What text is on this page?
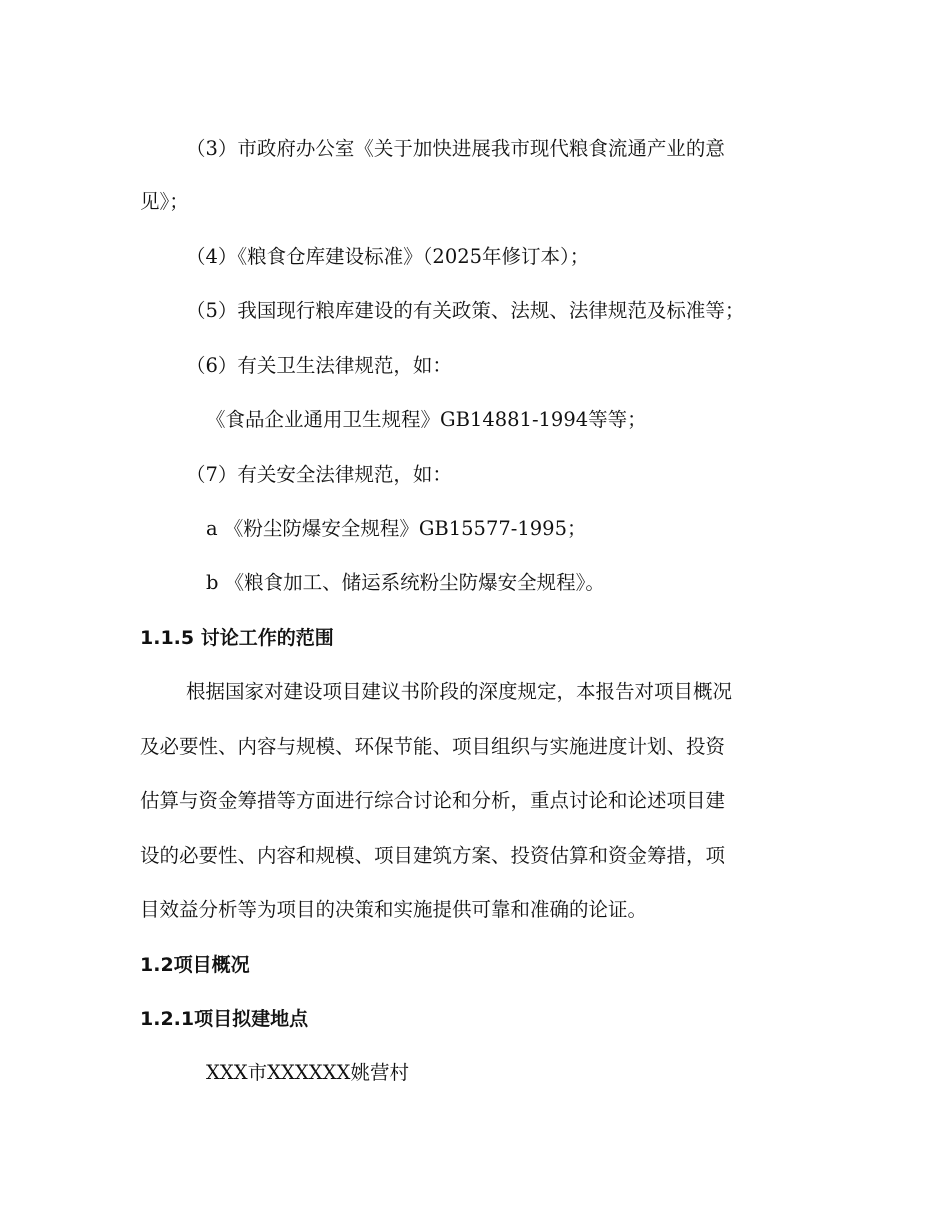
（3）市政府办公室《关于加快进展我市现代粮食流通产业的意
见》；
（4）《粮食仓库建设标准》（2025年修订本）；
（5）我国现行粮库建设的有关政策、法规、法律规范及标准等；
（6）有关卫生法律规范，如：
《食品企业通用卫生规程》GB14881-1994等等；
（7）有关安全法律规范，如：
a 《粉尘防爆安全规程》GB15577-1995；
b 《粮食加工、储运系统粉尘防爆安全规程》。
1.1.5 讨论工作的范围
根据国家对建设项目建议书阶段的深度规定，本报告对项目概况
及必要性、内容与规模、环保节能、项目组织与实施进度计划、投资
估算与资金筹措等方面进行综合讨论和分析，重点讨论和论述项目建
设的必要性、内容和规模、项目建筑方案、投资估算和资金筹措，项
目效益分析等为项目的决策和实施提供可靠和准确的论证。
1.2项目概况
1.2.1项目拟建地点
XXX市XXXXXX姚营村
